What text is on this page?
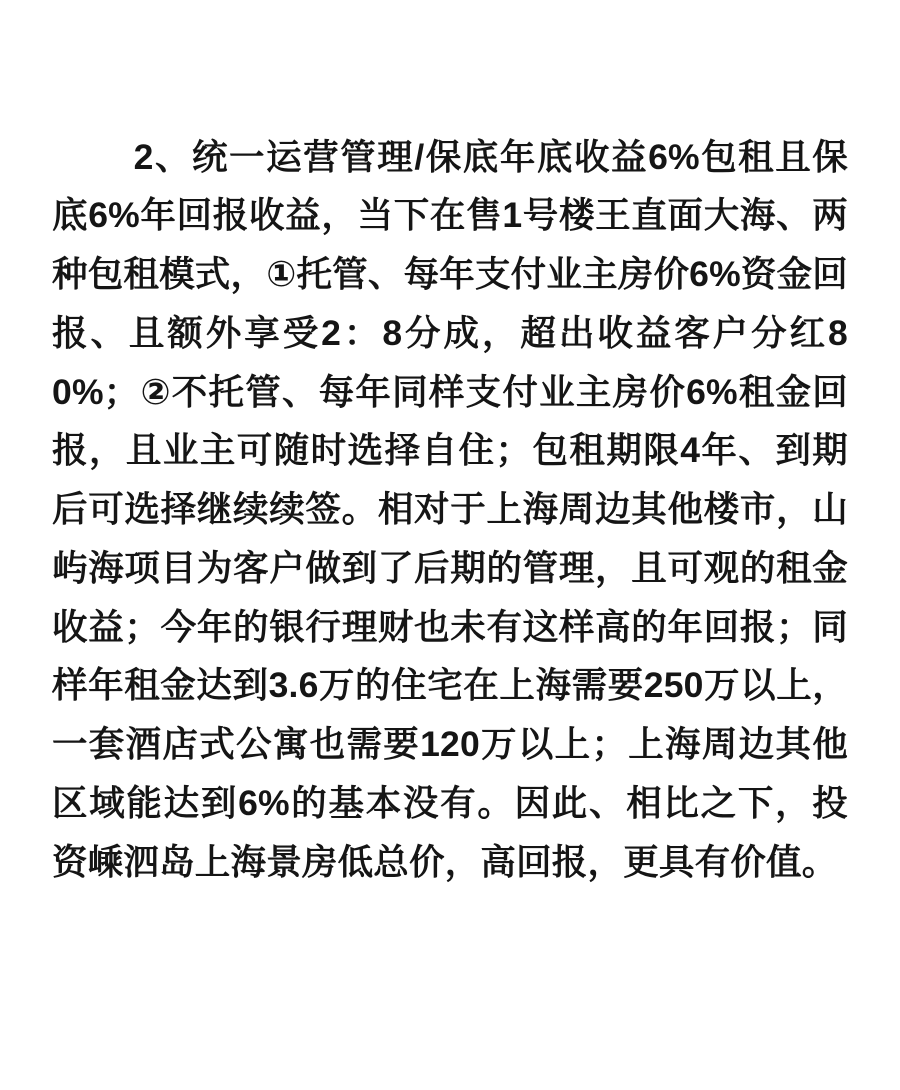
2、统一运营管理/保底年底收益6%包租且保底6%年回报收益，当下在售1号楼王直面大海、两种包租模式，①托管、每年支付业主房价6%资金回报、且额外享受2：8分成，超出收益客户分红80%；②不托管、每年同样支付业主房价6%租金回报，且业主可随时选择自住；包租期限4年、到期后可选择继续续签。相对于上海周边其他楼市，山屿海项目为客户做到了后期的管理，且可观的租金收益；今年的银行理财也未有这样高的年回报；同样年租金达到3.6万的住宅在上海需要250万以上，一套酒店式公寓也需要120万以上；上海周边其他区域能达到6%的基本没有。因此、相比之下，投资嵊泗岛上海景房低总价，高回报，更具有价值。
